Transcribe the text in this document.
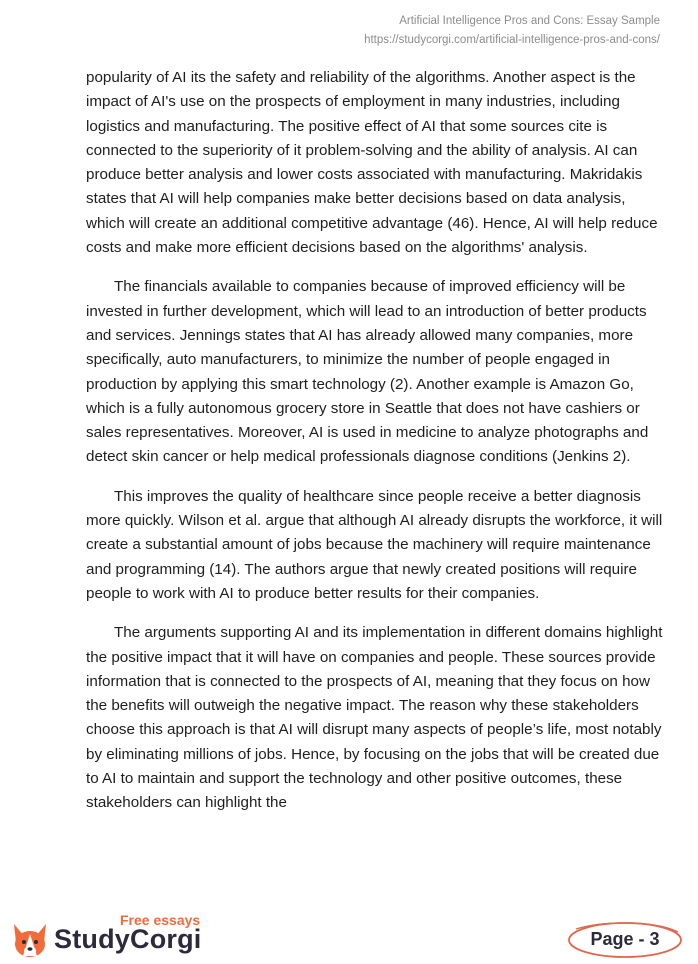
Artificial Intelligence Pros and Cons: Essay Sample
https://studycorgi.com/artificial-intelligence-pros-and-cons/

popularity of AI its the safety and reliability of the algorithms. Another aspect is the impact of AI's use on the prospects of employment in many industries, including logistics and manufacturing. The positive effect of AI that some sources cite is connected to the superiority of it problem-solving and the ability of analysis. AI can produce better analysis and lower costs associated with manufacturing. Makridakis states that AI will help companies make better decisions based on data analysis, which will create an additional competitive advantage (46). Hence, AI will help reduce costs and make more efficient decisions based on the algorithms' analysis.

The financials available to companies because of improved efficiency will be invested in further development, which will lead to an introduction of better products and services. Jennings states that AI has already allowed many companies, more specifically, auto manufacturers, to minimize the number of people engaged in production by applying this smart technology (2). Another example is Amazon Go, which is a fully autonomous grocery store in Seattle that does not have cashiers or sales representatives. Moreover, AI is used in medicine to analyze photographs and detect skin cancer or help medical professionals diagnose conditions (Jenkins 2).

This improves the quality of healthcare since people receive a better diagnosis more quickly. Wilson et al. argue that although AI already disrupts the workforce, it will create a substantial amount of jobs because the machinery will require maintenance and programming (14). The authors argue that newly created positions will require people to work with AI to produce better results for their companies.

The arguments supporting AI and its implementation in different domains highlight the positive impact that it will have on companies and people. These sources provide information that is connected to the prospects of AI, meaning that they focus on how the benefits will outweigh the negative impact. The reason why these stakeholders choose this approach is that AI will disrupt many aspects of people’s life, most notably by eliminating millions of jobs. Hence, by focusing on the jobs that will be created due to AI to maintain and support the technology and other positive outcomes, these stakeholders can highlight the

Free essays
StudyCorgi	Page - 3
